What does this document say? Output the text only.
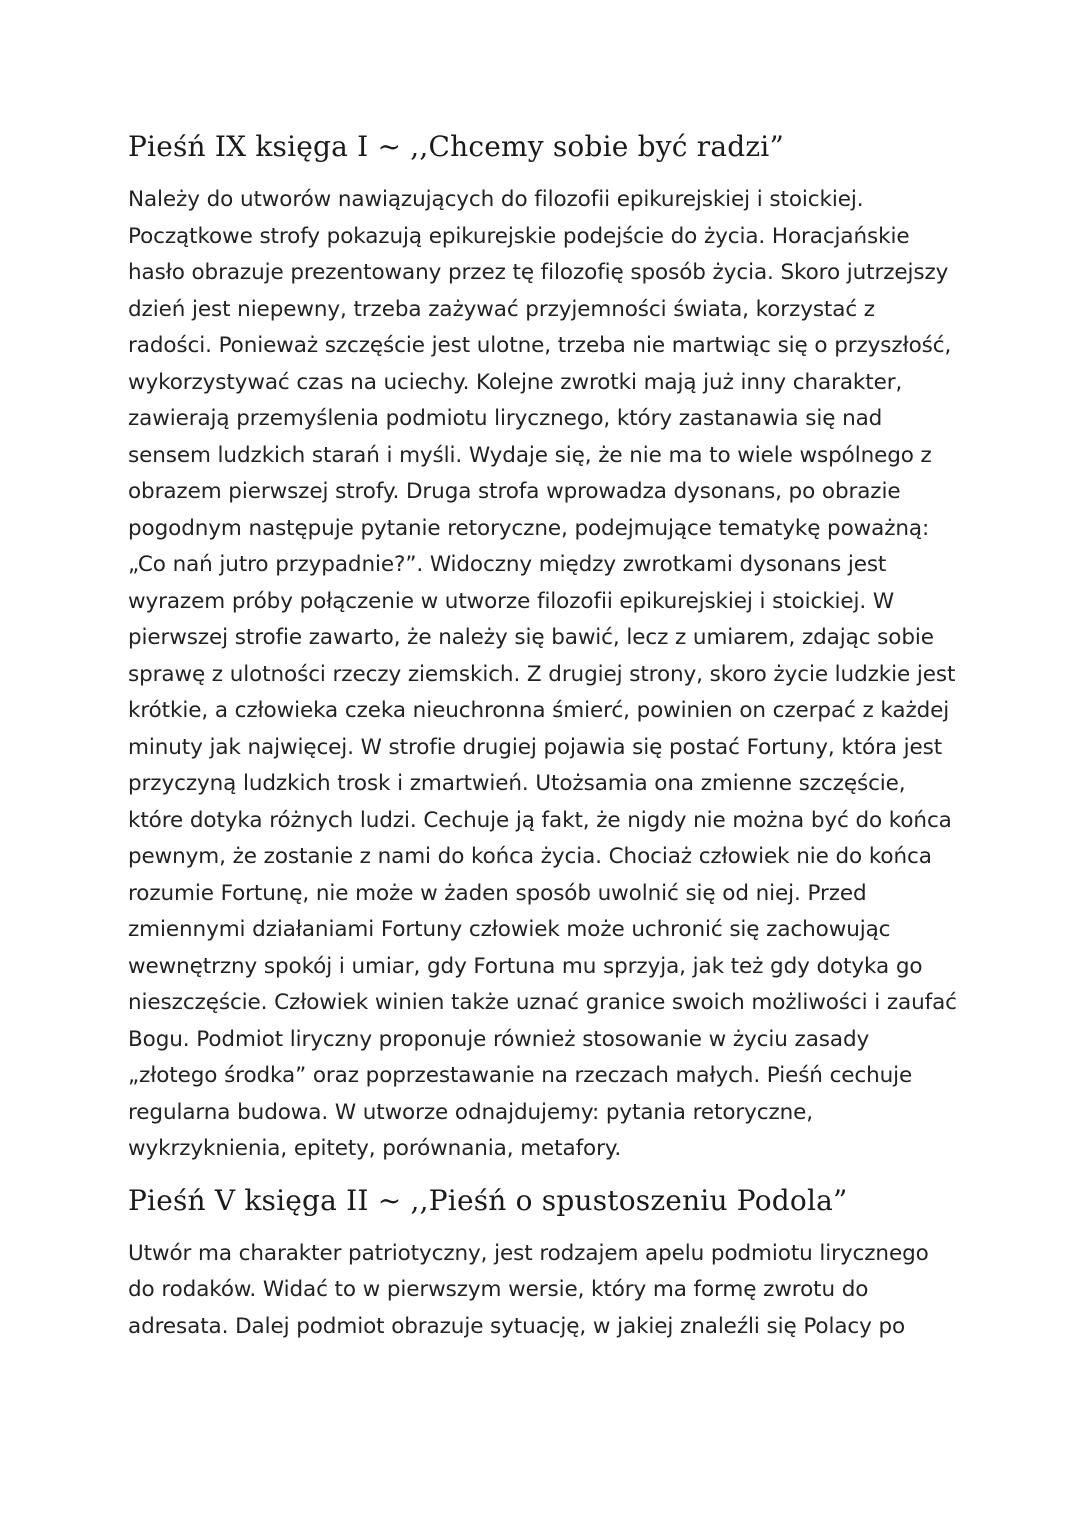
Pieśń IX księga I ~ ,,Chcemy sobie być radzi”

Należy do utworów nawiązujących do filozofii epikurejskiej i stoickiej. Początkowe strofy pokazują epikurejskie podejście do życia. Horacjańskie hasło obrazuje prezentowany przez tę filozofię sposób życia. Skoro jutrzejszy dzień jest niepewny, trzeba zażywać przyjemności świata, korzystać z radości. Ponieważ szczęście jest ulotne, trzeba nie martwiąc się o przyszłość, wykorzystywać czas na uciechy. Kolejne zwrotki mają już inny charakter, zawierają przemyślenia podmiotu lirycznego, który zastanawia się nad sensem ludzkich starań i myśli. Wydaje się, że nie ma to wiele wspólnego z obrazem pierwszej strofy. Druga strofa wprowadza dysonans, po obrazie pogodnym następuje pytanie retoryczne, podejmujące tematykę poważną: „Co nań jutro przypadnie?”. Widoczny między zwrotkami dysonans jest wyrazem próby połączenie w utworze filozofii epikurejskiej i stoickiej. W pierwszej strofie zawarto, że należy się bawić, lecz z umiarem, zdając sobie sprawę z ulotności rzeczy ziemskich. Z drugiej strony, skoro życie ludzkie jest krótkie, a człowieka czeka nieuchronna śmierć, powinien on czerpać z każdej minuty jak najwięcej. W strofie drugiej pojawia się postać Fortuny, która jest przyczyną ludzkich trosk i zmartwień. Utożsamia ona zmienne szczęście, które dotyka różnych ludzi. Cechuje ją fakt, że nigdy nie można być do końca pewnym, że zostanie z nami do końca życia. Chociaż człowiek nie do końca rozumie Fortunę, nie może w żaden sposób uwolnić się od niej. Przed zmiennymi działaniami Fortuny człowiek może uchronić się zachowując wewnętrzny spokój i umiar, gdy Fortuna mu sprzyja, jak też gdy dotyka go nieszczęście. Człowiek winien także uznać granice swoich możliwości i zaufać Bogu. Podmiot liryczny proponuje również stosowanie w życiu zasady „złotego środka” oraz poprzestawanie na rzeczach małych. Pieśń cechuje regularna budowa. W utworze odnajdujemy: pytania retoryczne, wykrzyknienia, epitety, porównania, metafory.

Pieśń V księga II ~ ,,Pieśń o spustoszeniu Podola”

Utwór ma charakter patriotyczny, jest rodzajem apelu podmiotu lirycznego do rodaków. Widać to w pierwszym wersie, który ma formę zwrotu do adresata. Dalej podmiot obrazuje sytuację, w jakiej znaleźli się Polacy po
